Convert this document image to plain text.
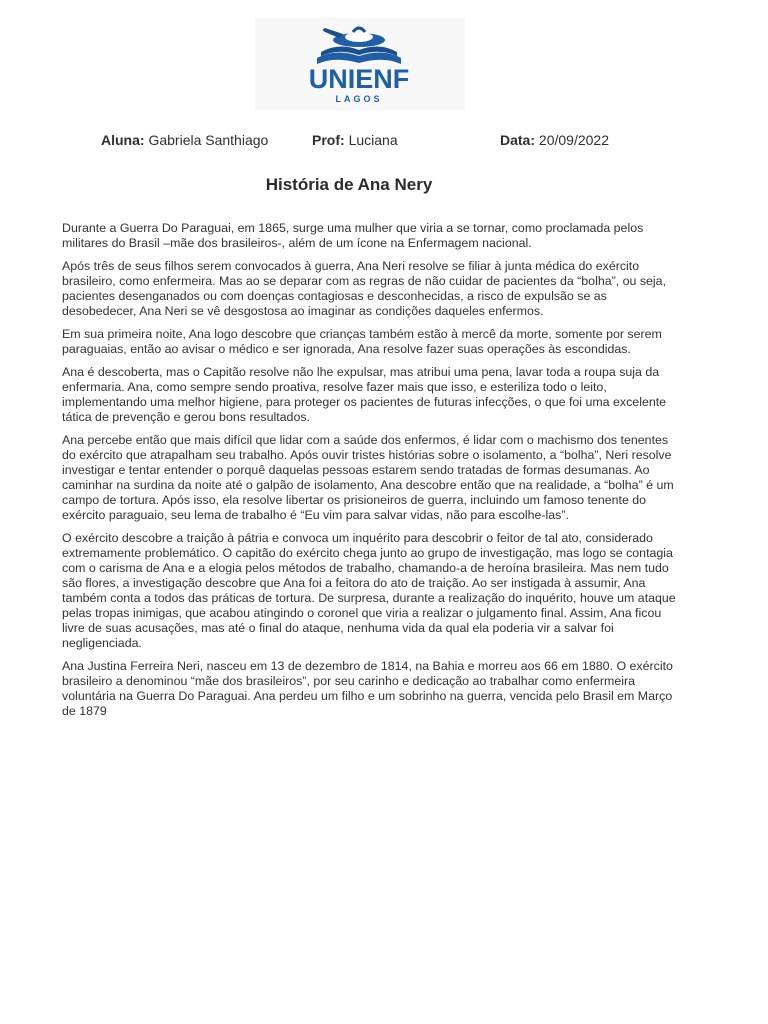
UNIENF
LAGOS
Aluna: Gabriela Santhiago	Prof: Luciana	Data: 20/09/2022
História de Ana Nery

Durante a Guerra Do Paraguai, em 1865, surge uma mulher que viria a se tornar, como proclamada pelos militares do Brasil –mãe dos brasileiros-, além de um ícone na Enfermagem nacional.

Após três de seus filhos serem convocados à guerra, Ana Neri resolve se filiar à junta médica do exército brasileiro, como enfermeira. Mas ao se deparar com as regras de não cuidar de pacientes da “bolha”, ou seja, pacientes desenganados ou com doenças contagiosas e desconhecidas, a risco de expulsão se as desobedecer, Ana Neri se vê desgostosa ao imaginar as condições daqueles enfermos.

Em sua primeira noite, Ana logo descobre que crianças também estão à mercê da morte, somente por serem paraguaias, então ao avisar o médico e ser ignorada, Ana resolve fazer suas operações às escondidas.

Ana é descoberta, mas o Capitão resolve não lhe expulsar, mas atribui uma pena, lavar toda a roupa suja da enfermaria. Ana, como sempre sendo proativa, resolve fazer mais que isso, e esteriliza todo o leito, implementando uma melhor higiene, para proteger os pacientes de futuras infecções, o que foi uma excelente tática de prevenção e gerou bons resultados.

Ana percebe então que mais difícil que lidar com a saúde dos enfermos, é lidar com o machismo dos tenentes do exército que atrapalham seu trabalho. Após ouvir tristes histórias sobre o isolamento, a “bolha”, Neri resolve investigar e tentar entender o porquê daquelas pessoas estarem sendo tratadas de formas desumanas. Ao caminhar na surdina da noite até o galpão de isolamento, Ana descobre então que na realidade, a “bolha” é um campo de tortura. Após isso, ela resolve libertar os prisioneiros de guerra, incluindo um famoso tenente do exército paraguaio, seu lema de trabalho é “Eu vim para salvar vidas, não para escolhe-las”.

O exército descobre a traição à pátria e convoca um inquérito para descobrir o feitor de tal ato, considerado extremamente problemático. O capitão do exército chega junto ao grupo de investigação, mas logo se contagia com o carisma de Ana e a elogia pelos métodos de trabalho, chamando-a de heroína brasileira. Mas nem tudo são flores, a investigação descobre que Ana foi a feitora do ato de traição. Ao ser instigada à assumir, Ana também conta a todos das práticas de tortura. De surpresa, durante a realização do inquérito, houve um ataque pelas tropas inimigas, que acabou atingindo o coronel que viria a realizar o julgamento final. Assim, Ana ficou livre de suas acusações, mas até o final do ataque, nenhuma vida da qual ela poderia vir a salvar foi negligenciada.

Ana Justina Ferreira Neri, nasceu em 13 de dezembro de 1814, na Bahia e morreu aos 66 em 1880. O exército brasileiro a denominou “mãe dos brasileiros”, por seu carinho e dedicação ao trabalhar como enfermeira voluntária na Guerra Do Paraguai. Ana perdeu um filho e um sobrinho na guerra, vencida pelo Brasil em Março de 1879
